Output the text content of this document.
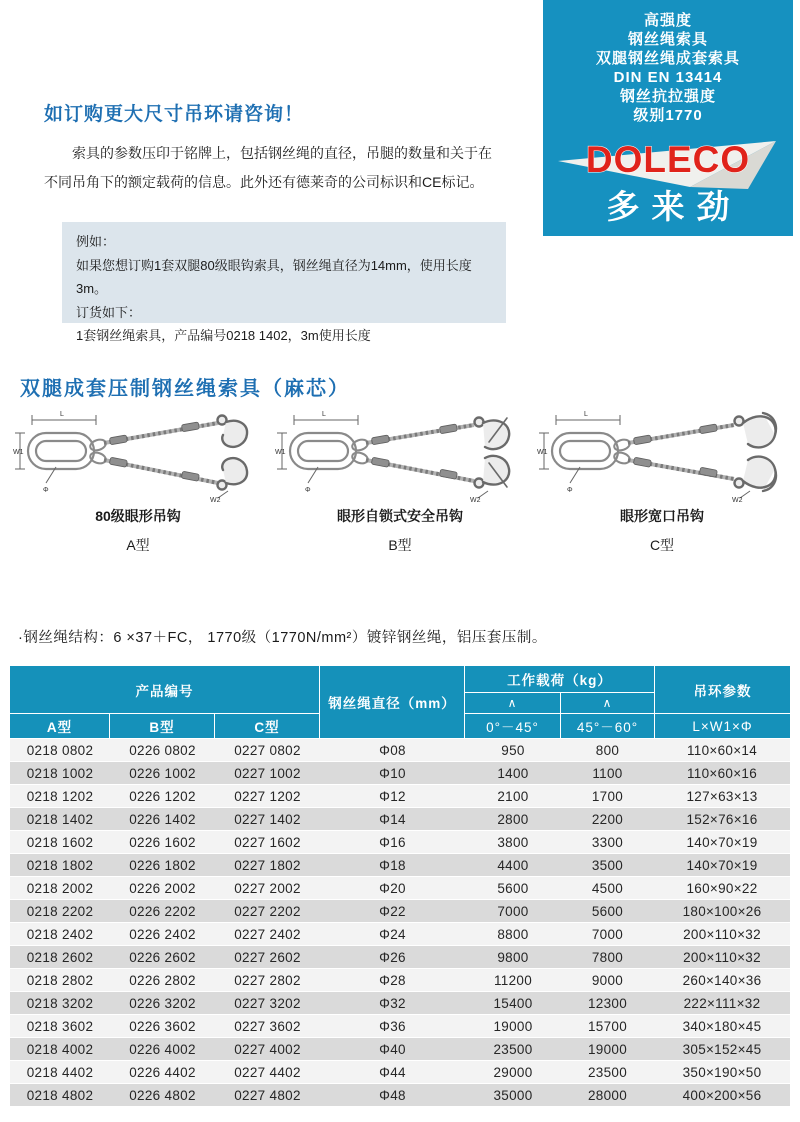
高强度
钢丝绳索具
双腿钢丝绳成套索具
DIN EN 13414
钢丝抗拉强度
级别1770
DOLECO
多来劲
如订购更大尺寸吊环请咨询！
索具的参数压印于铭牌上，包括钢丝绳的直径，吊腿的数量和关于在不同吊角下的额定载荷的信息。此外还有德莱奇的公司标识和CE标记。
例如：
如果您想订购1套双腿80级眼钩索具，钢丝绳直径为14mm，使用长度3m。
订货如下：
1套钢丝绳索具，产品编号0218 1402，3m使用长度
双腿成套压制钢丝绳索具（麻芯）
L
W1
Φ
W2
80级眼形吊钩
A型
L
W1
Φ
W2
眼形自锁式安全吊钩
B型
L
W1
Φ
W2
眼形宽口吊钩
C型
·钢丝绳结构：6 ×37＋FC， 1770级（1770N/mm²）镀锌钢丝绳，铝压套压制。
产品编号
钢丝绳直径（mm）
工作载荷（kg）
吊环参数
∧	∧
A型	B型	C型	0°－45°	45°－60°	L×W1×Φ
0218 0802	0226 0802	0227 0802	Φ08	950	800	110×60×14
0218 1002	0226 1002	0227 1002	Φ10	1400	1100	110×60×16
0218 1202	0226 1202	0227 1202	Φ12	2100	1700	127×63×13
0218 1402	0226 1402	0227 1402	Φ14	2800	2200	152×76×16
0218 1602	0226 1602	0227 1602	Φ16	3800	3300	140×70×19
0218 1802	0226 1802	0227 1802	Φ18	4400	3500	140×70×19
0218 2002	0226 2002	0227 2002	Φ20	5600	4500	160×90×22
0218 2202	0226 2202	0227 2202	Φ22	7000	5600	180×100×26
0218 2402	0226 2402	0227 2402	Φ24	8800	7000	200×110×32
0218 2602	0226 2602	0227 2602	Φ26	9800	7800	200×110×32
0218 2802	0226 2802	0227 2802	Φ28	11200	9000	260×140×36
0218 3202	0226 3202	0227 3202	Φ32	15400	12300	222×111×32
0218 3602	0226 3602	0227 3602	Φ36	19000	15700	340×180×45
0218 4002	0226 4002	0227 4002	Φ40	23500	19000	305×152×45
0218 4402	0226 4402	0227 4402	Φ44	29000	23500	350×190×50
0218 4802	0226 4802	0227 4802	Φ48	35000	28000	400×200×56
